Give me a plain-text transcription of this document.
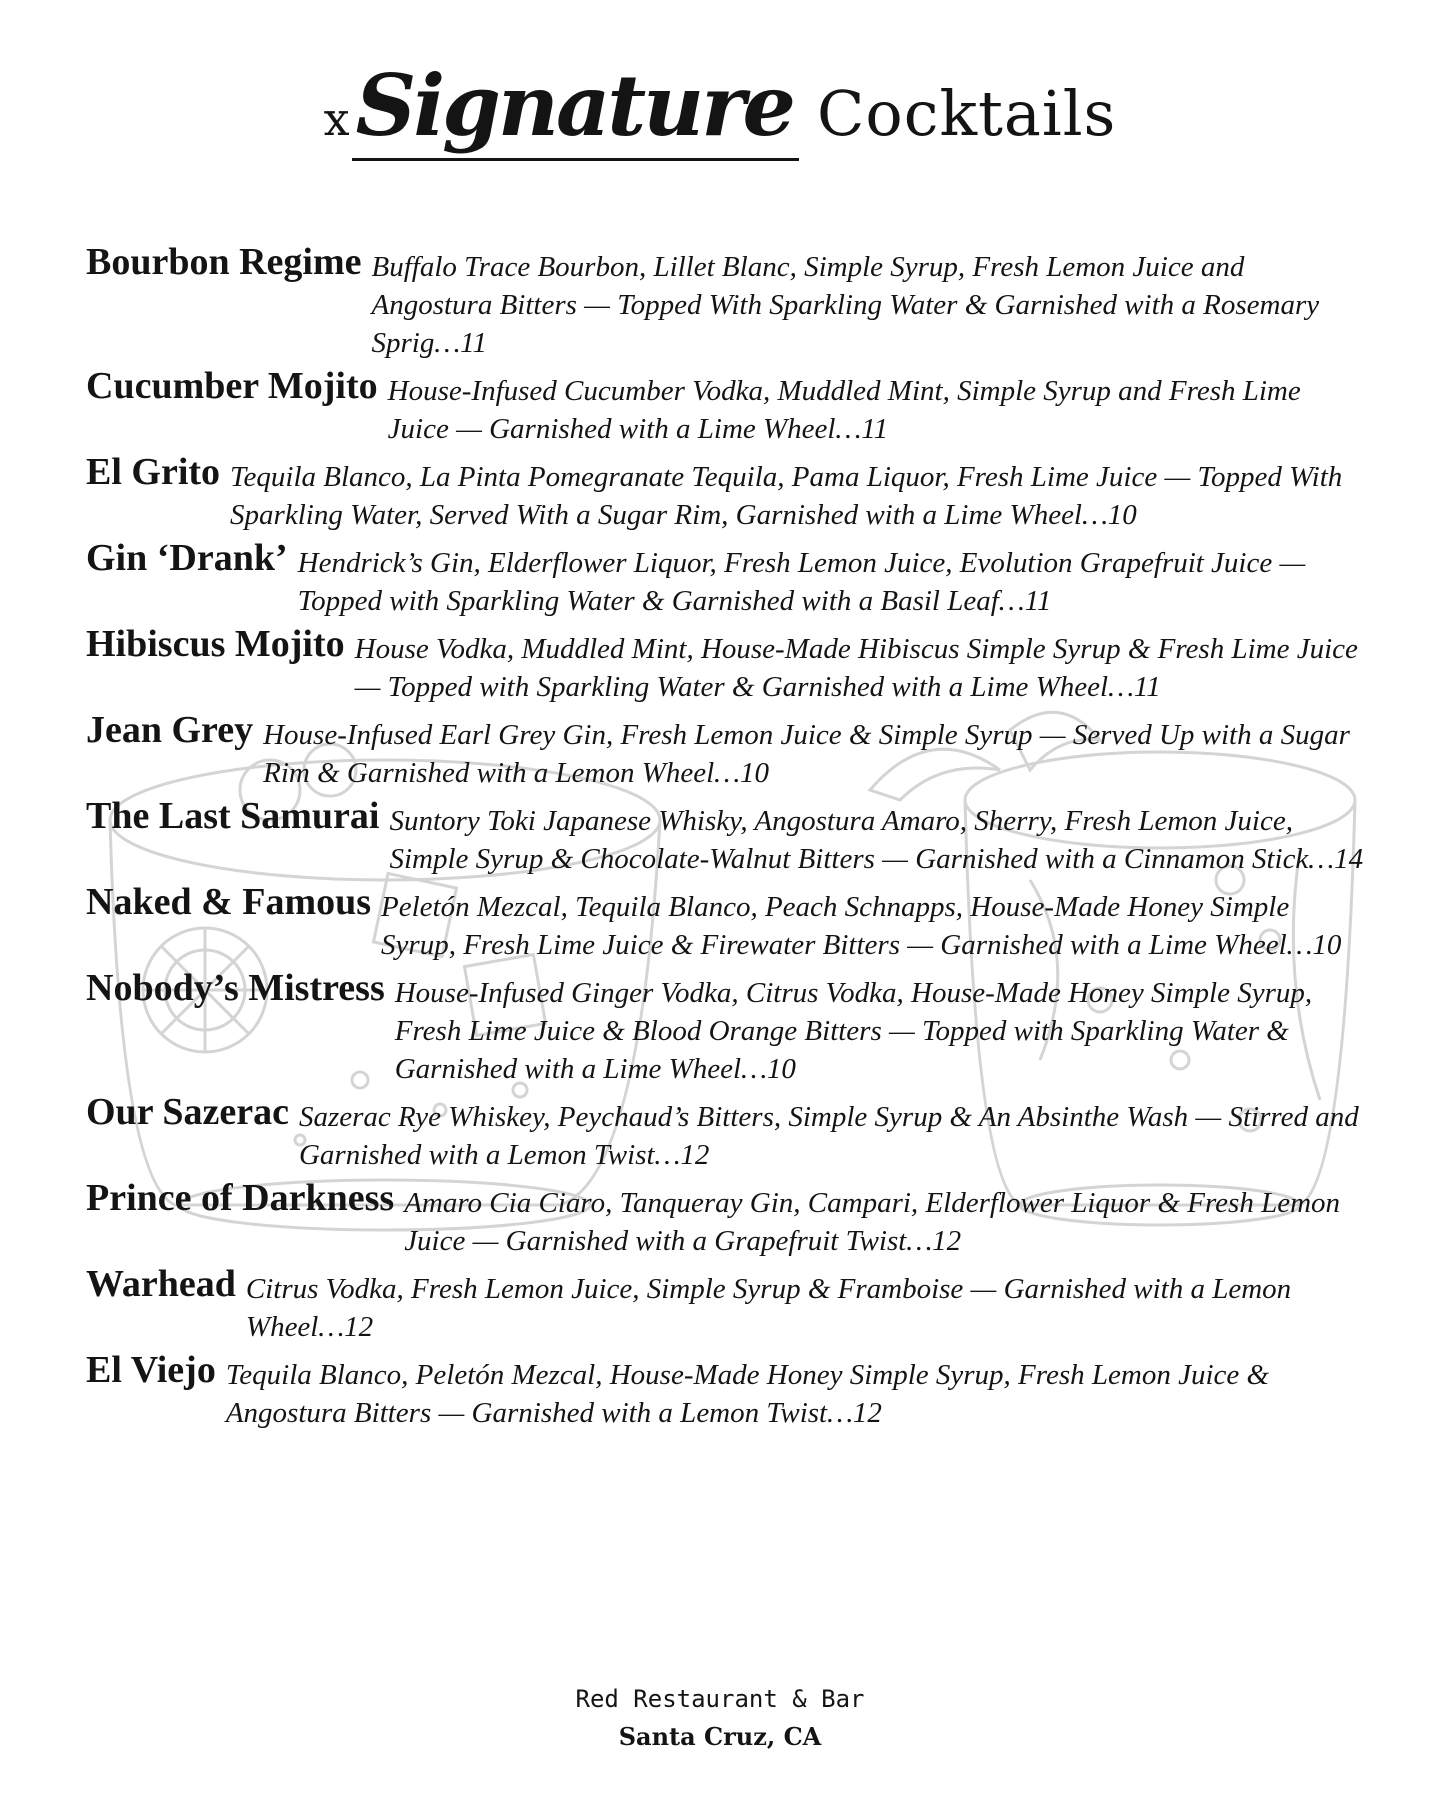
xSignature Cocktails
Bourbon Regime Buffalo Trace Bourbon, Lillet Blanc, Simple Syrup, Fresh Lemon Juice and Angostura Bitters — Topped With Sparkling Water & Garnished with a Rosemary Sprig…11
Cucumber Mojito House-Infused Cucumber Vodka, Muddled Mint, Simple Syrup and Fresh Lime Juice — Garnished with a Lime Wheel…11
El Grito Tequila Blanco, La Pinta Pomegranate Tequila, Pama Liquor, Fresh Lime Juice — Topped With Sparkling Water, Served With a Sugar Rim, Garnished with a Lime Wheel…10
Gin ‘Drank’ Hendrick’s Gin, Elderflower Liquor, Fresh Lemon Juice, Evolution Grapefruit Juice — Topped with Sparkling Water & Garnished with a Basil Leaf…11
Hibiscus Mojito House Vodka, Muddled Mint, House-Made Hibiscus Simple Syrup & Fresh Lime Juice — Topped with Sparkling Water & Garnished with a Lime Wheel…11
Jean Grey House-Infused Earl Grey Gin, Fresh Lemon Juice & Simple Syrup — Served Up with a Sugar Rim & Garnished with a Lemon Wheel…10
The Last Samurai Suntory Toki Japanese Whisky, Angostura Amaro, Sherry, Fresh Lemon Juice, Simple Syrup & Chocolate-Walnut Bitters — Garnished with a Cinnamon Stick…14
Naked & Famous Peletón Mezcal, Tequila Blanco, Peach Schnapps, House-Made Honey Simple Syrup, Fresh Lime Juice & Firewater Bitters — Garnished with a Lime Wheel…10
Nobody’s Mistress House-Infused Ginger Vodka, Citrus Vodka, House-Made Honey Simple Syrup, Fresh Lime Juice & Blood Orange Bitters — Topped with Sparkling Water & Garnished with a Lime Wheel…10
Our Sazerac Sazerac Rye Whiskey, Peychaud’s Bitters, Simple Syrup & An Absinthe Wash — Stirred and Garnished with a Lemon Twist…12
Prince of Darkness Amaro Cia Ciaro, Tanqueray Gin, Campari, Elderflower Liquor & Fresh Lemon Juice — Garnished with a Grapefruit Twist…12
Warhead Citrus Vodka, Fresh Lemon Juice, Simple Syrup & Framboise — Garnished with a Lemon Wheel…12
El Viejo Tequila Blanco, Peletón Mezcal, House-Made Honey Simple Syrup, Fresh Lemon Juice & Angostura Bitters — Garnished with a Lemon Twist…12
Red Restaurant & Bar
Santa Cruz, CA
